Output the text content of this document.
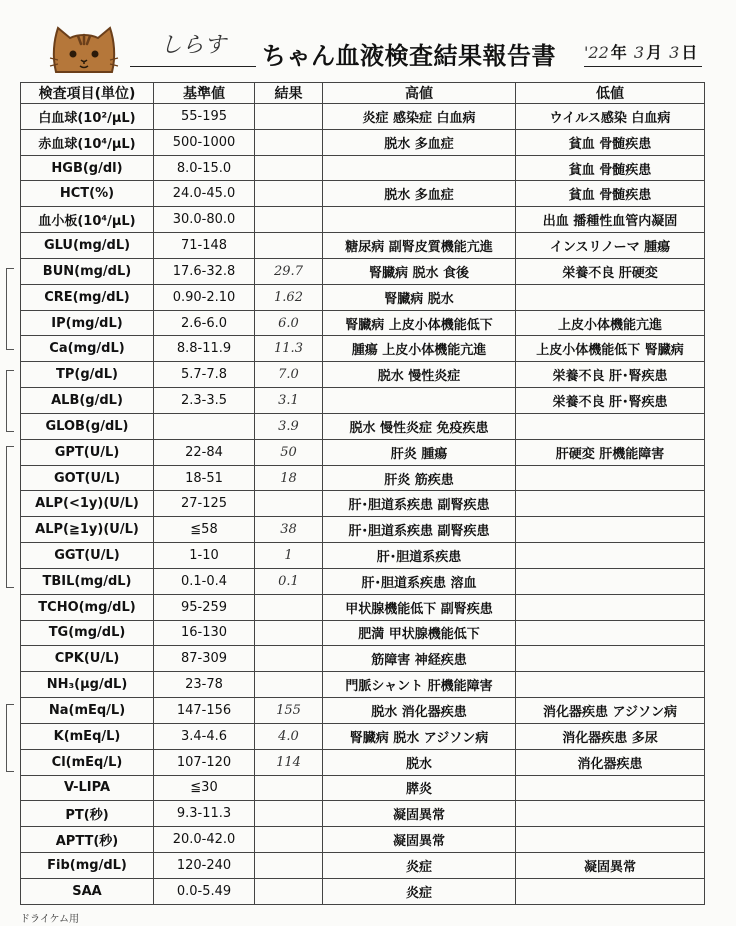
しらす	ちゃん血液検査結果報告書 '22 年 3 月 3 日
検査項目(単位)	基準値	結果	高値	低値
白血球(10²/μL)	55-195		炎症 感染症 白血病	ウイルス感染 白血病
赤血球(10⁴/μL)	500-1000		脱水 多血症	貧血 骨髄疾患
HGB(g/dl)	8.0-15.0			貧血 骨髄疾患
HCT(%)	24.0-45.0		脱水 多血症	貧血 骨髄疾患
血小板(10⁴/μL)	30.0-80.0			出血 播種性血管内凝固
GLU(mg/dL)	71-148		糖尿病 副腎皮質機能亢進	インスリノーマ 腫瘍
BUN(mg/dL)	17.6-32.8	29.7	腎臓病 脱水 食後	栄養不良 肝硬変
CRE(mg/dL)	0.90-2.10	1.62	腎臓病 脱水	
IP(mg/dL)	2.6-6.0	6.0	腎臓病 上皮小体機能低下	上皮小体機能亢進
Ca(mg/dL)	8.8-11.9	11.3	腫瘍 上皮小体機能亢進	上皮小体機能低下 腎臓病
TP(g/dL)	5.7-7.8	7.0	脱水 慢性炎症	栄養不良 肝･腎疾患
ALB(g/dL)	2.3-3.5	3.1		栄養不良 肝･腎疾患
GLOB(g/dL)		3.9	脱水 慢性炎症 免疫疾患	
GPT(U/L)	22-84	50	肝炎 腫瘍	肝硬変 肝機能障害
GOT(U/L)	18-51	18	肝炎 筋疾患	
ALP(<1y)(U/L)	27-125		肝･胆道系疾患 副腎疾患	
ALP(≧1y)(U/L)	≦58	38	肝･胆道系疾患 副腎疾患	
GGT(U/L)	1-10	1	肝･胆道系疾患	
TBIL(mg/dL)	0.1-0.4	0.1	肝･胆道系疾患 溶血	
TCHO(mg/dL)	95-259		甲状腺機能低下 副腎疾患	
TG(mg/dL)	16-130		肥満 甲状腺機能低下	
CPK(U/L)	87-309		筋障害 神経疾患	
NH₃(μg/dL)	23-78		門脈シャント 肝機能障害	
Na(mEq/L)	147-156	155	脱水 消化器疾患	消化器疾患 アジソン病
K(mEq/L)	3.4-4.6	4.0	腎臓病 脱水 アジソン病	消化器疾患 多尿
Cl(mEq/L)	107-120	114	脱水	消化器疾患
V-LIPA	≦30		膵炎	
PT(秒)	9.3-11.3		凝固異常	
APTT(秒)	20.0-42.0		凝固異常	
Fib(mg/dL)	120-240		炎症	凝固異常
SAA	0.0-5.49		炎症	
ドライケム用
